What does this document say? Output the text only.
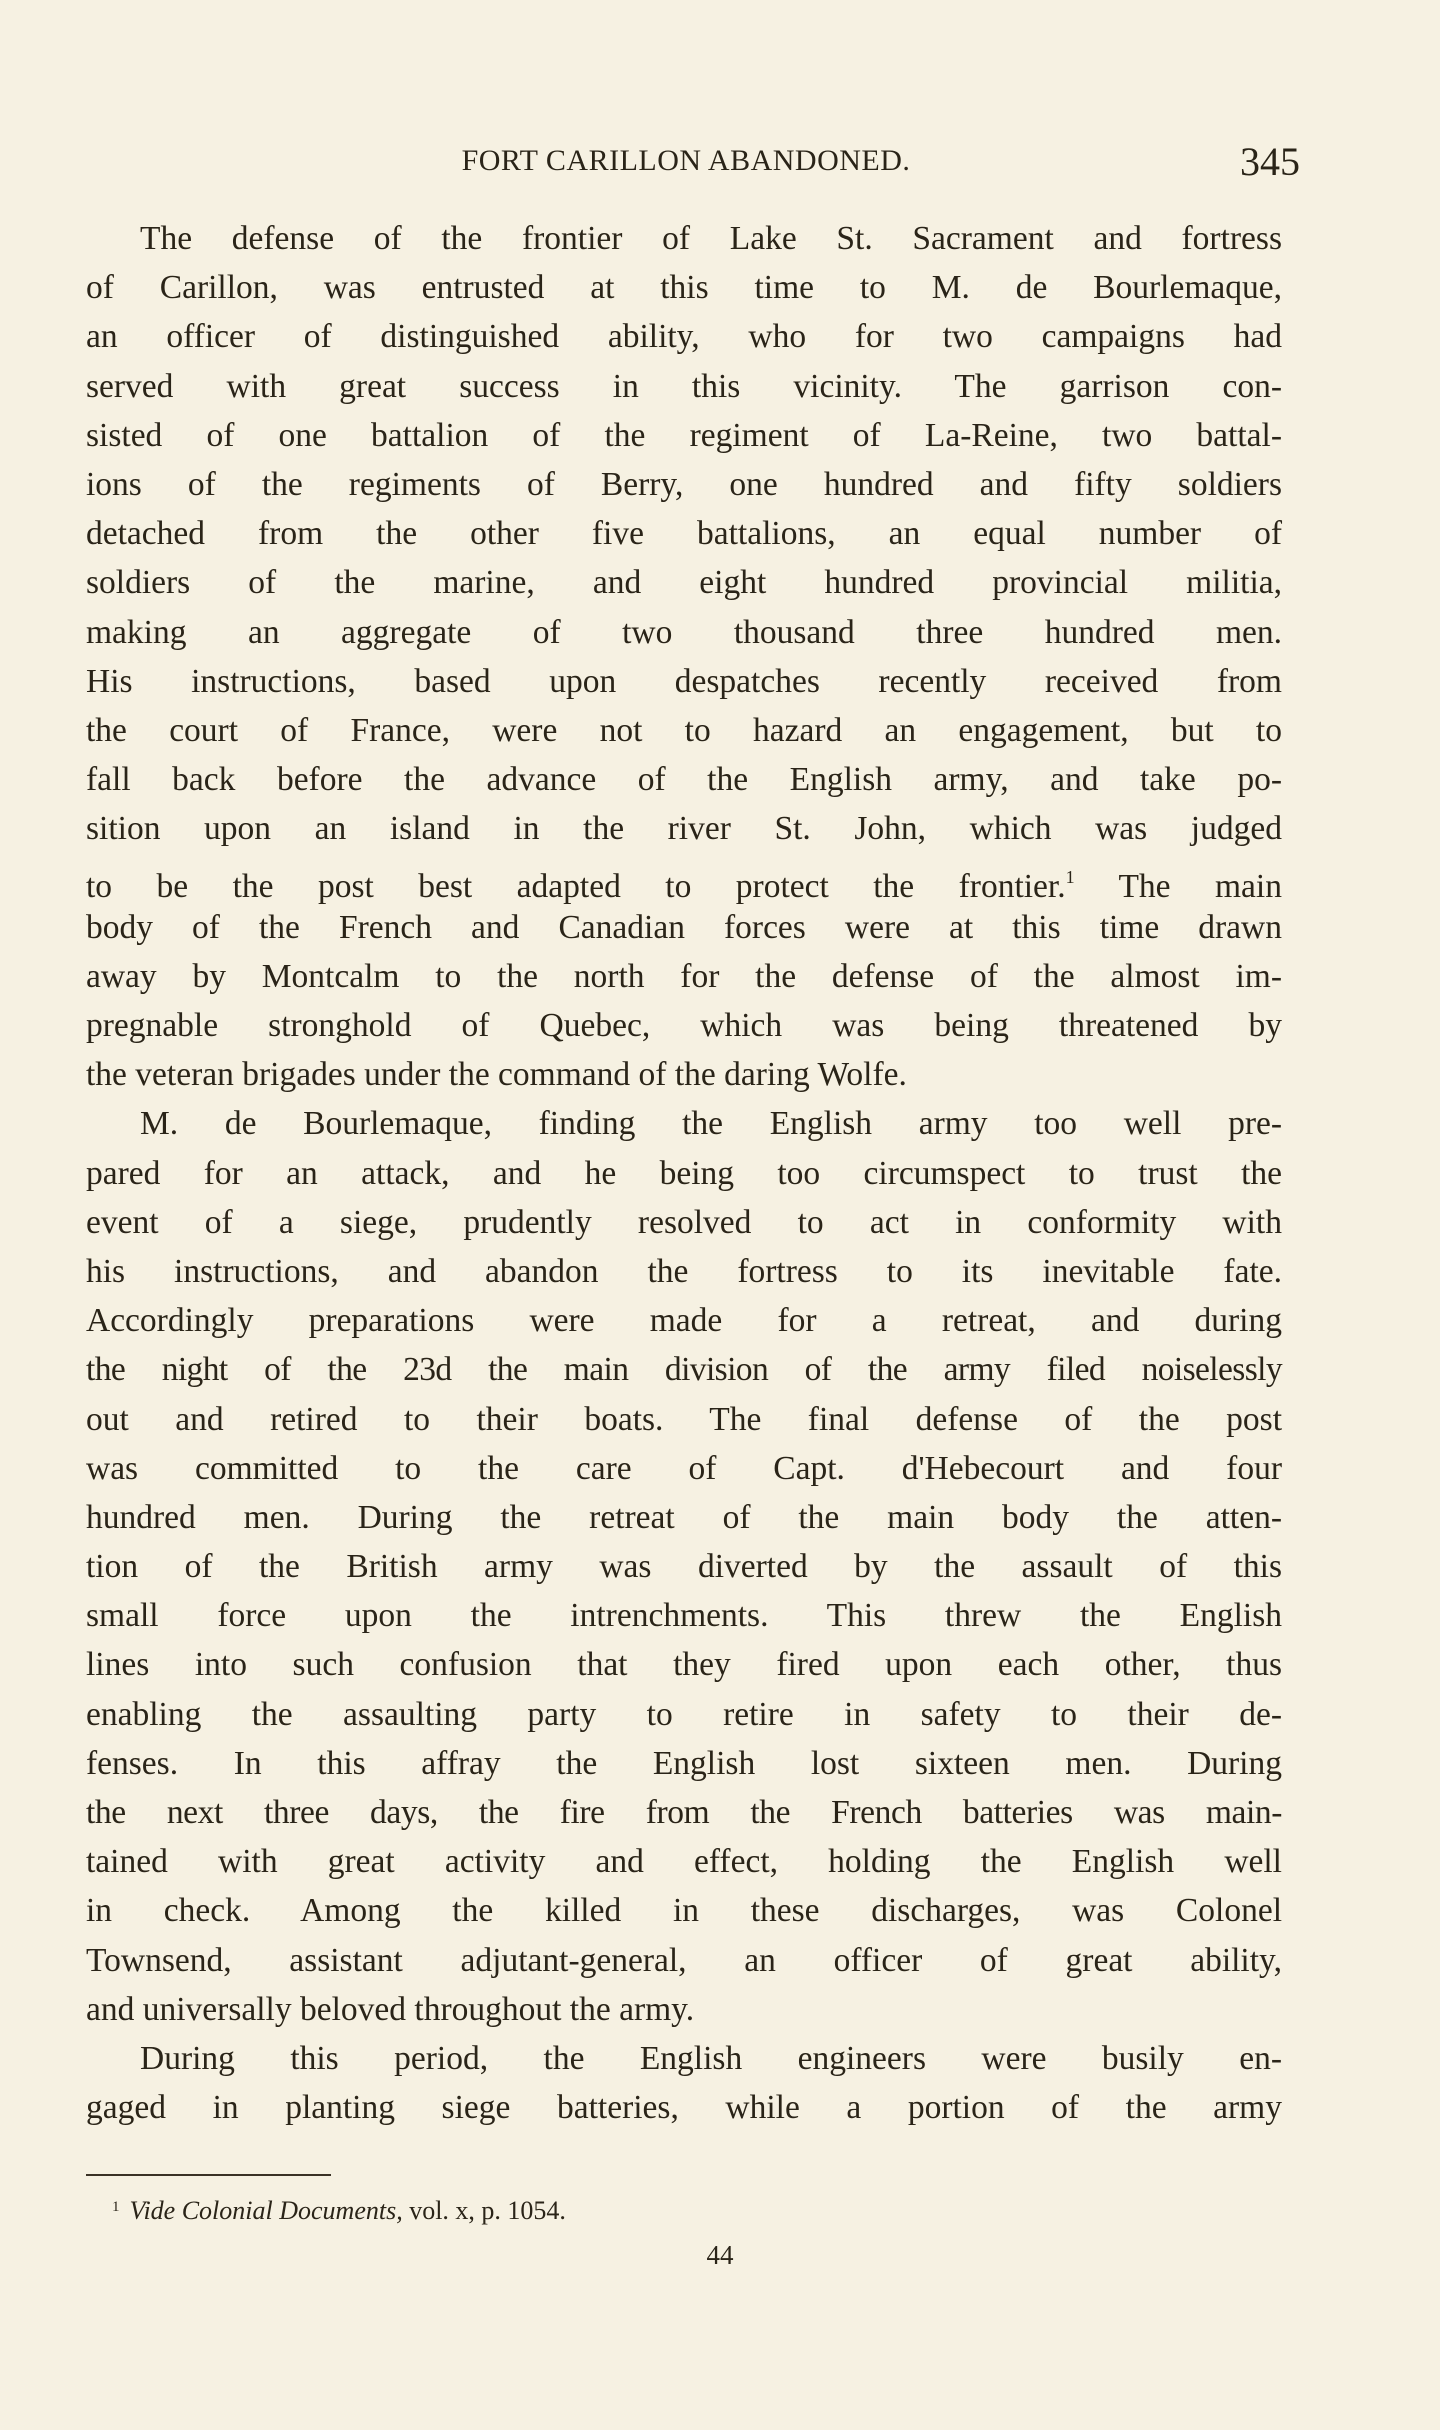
FORT CARILLON ABANDONED.	345
The defense of the frontier of Lake St. Sacrament and fortress
of Carillon, was entrusted at this time to M. de Bourlemaque,
an officer of distinguished ability, who for two campaigns had
served with great success in this vicinity. The garrison con-
sisted of one battalion of the regiment of La-Reine, two battal-
ions of the regiments of Berry, one hundred and fifty soldiers
detached from the other five battalions, an equal number of
soldiers of the marine, and eight hundred provincial militia,
making an aggregate of two thousand three hundred men.
His instructions, based upon despatches recently received from
the court of France, were not to hazard an engagement, but to
fall back before the advance of the English army, and take po-
sition upon an island in the river St. John, which was judged
to be the post best adapted to protect the frontier.$^1$ The main
body of the French and Canadian forces were at this time drawn
away by Montcalm to the north for the defense of the almost im-
pregnable stronghold of Quebec, which was being threatened by
the veteran brigades under the command of the daring Wolfe.
M. de Bourlemaque, finding the English army too well pre-
pared for an attack, and he being too circumspect to trust the
event of a siege, prudently resolved to act in conformity with
his instructions, and abandon the fortress to its inevitable fate.
Accordingly preparations were made for a retreat, and during
the night of the 23d the main division of the army filed noiselessly
out and retired to their boats. The final defense of the post
was committed to the care of Capt. d'Hebecourt and four
hundred men. During the retreat of the main body the atten-
tion of the British army was diverted by the assault of this
small force upon the intrenchments. This threw the English
lines into such confusion that they fired upon each other, thus
enabling the assaulting party to retire in safety to their de-
fenses. In this affray the English lost sixteen men. During
the next three days, the fire from the French batteries was main-
tained with great activity and effect, holding the English well
in check. Among the killed in these discharges, was Colonel
Townsend, assistant adjutant-general, an officer of great ability,
and universally beloved throughout the army.
During this period, the English engineers were busily en-
gaged in planting siege batteries, while a portion of the army
$^1$ Vide Colonial Documents, vol. x, p. 1054.
44
